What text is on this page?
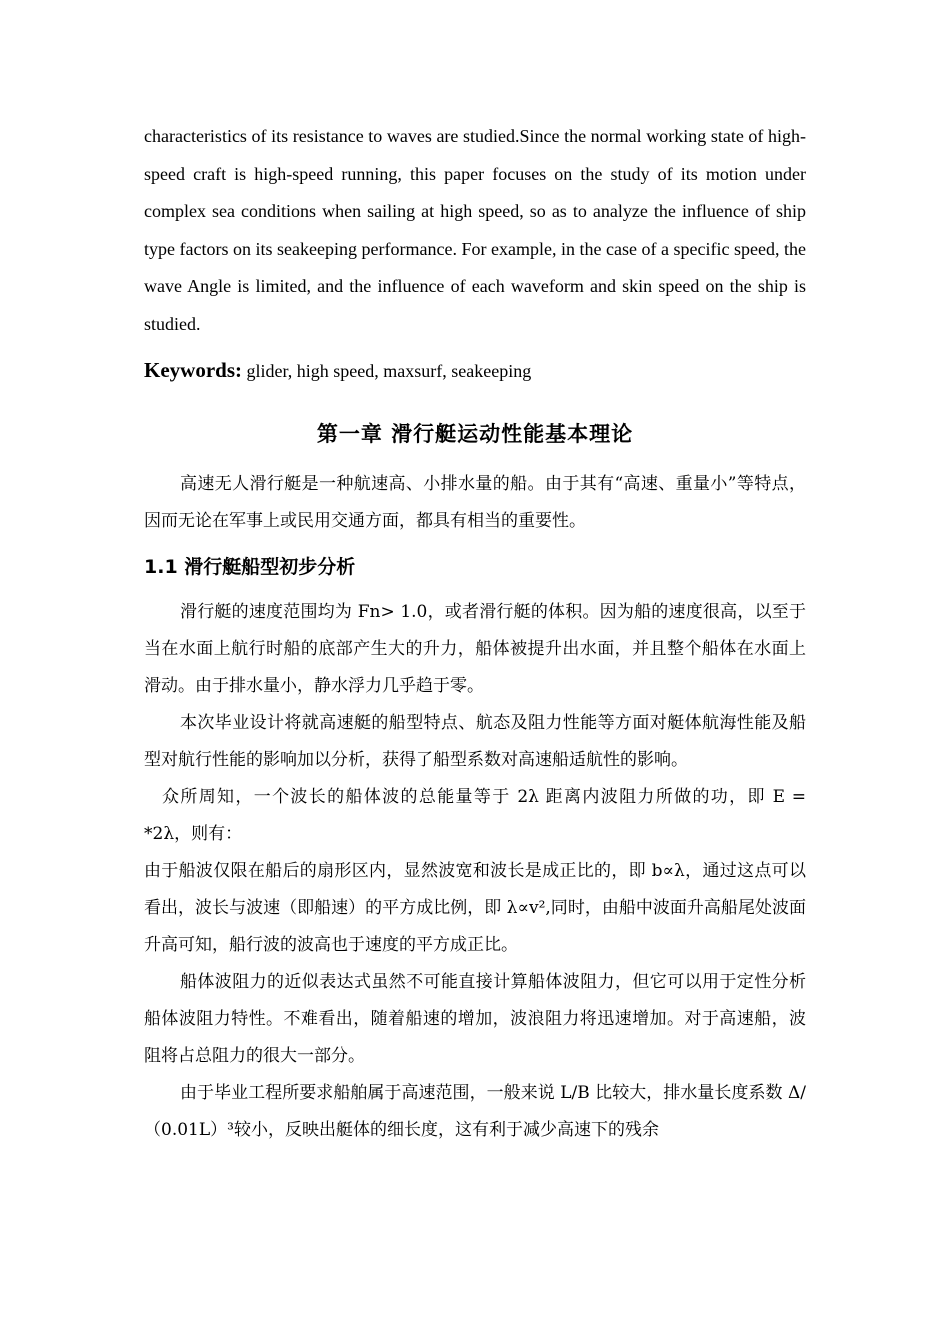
characteristics of its resistance to waves are studied.Since the normal working state of high-speed craft is high-speed running, this paper focuses on the study of its motion under complex sea conditions when sailing at high speed, so as to analyze the influence of ship type factors on its seakeeping performance. For example, in the case of a specific speed, the wave Angle is limited, and the influence of each waveform and skin speed on the ship is studied.

Keywords: glider, high speed, maxsurf, seakeeping

第一章 滑行艇运动性能基本理论

高速无人滑行艇是一种航速高、小排水量的船。由于其有“高速、重量小”等特点，因而无论在军事上或民用交通方面，都具有相当的重要性。

1.1 滑行艇船型初步分析

滑行艇的速度范围均为 Fn> 1.0，或者滑行艇的体积。因为船的速度很高，以至于当在水面上航行时船的底部产生大的升力，船体被提升出水面，并且整个船体在水面上滑动。由于排水量小，静水浮力几乎趋于零。

本次毕业设计将就高速艇的船型特点、航态及阻力性能等方面对艇体航海性能及船型对航行性能的影响加以分析，获得了船型系数对高速船适航性的影响。

众所周知，一个波长的船体波的总能量等于 2λ 距离内波阻力所做的功，即 E = *2λ，则有：

由于船波仅限在船后的扇形区内，显然波宽和波长是成正比的，即 b∝λ，通过这点可以看出，波长与波速（即船速）的平方成比例，即 λ∝v²,同时，由船中波面升高船尾处波面升高可知，船行波的波高也于速度的平方成正比。

船体波阻力的近似表达式虽然不可能直接计算船体波阻力，但它可以用于定性分析船体波阻力特性。不难看出，随着船速的增加，波浪阻力将迅速增加。对于高速船，波阻将占总阻力的很大一部分。

由于毕业工程所要求船舶属于高速范围，一般来说 L/B 比较大，排水量长度系数 Δ/（0.01L）³较小，反映出艇体的细长度，这有利于减少高速下的残余
